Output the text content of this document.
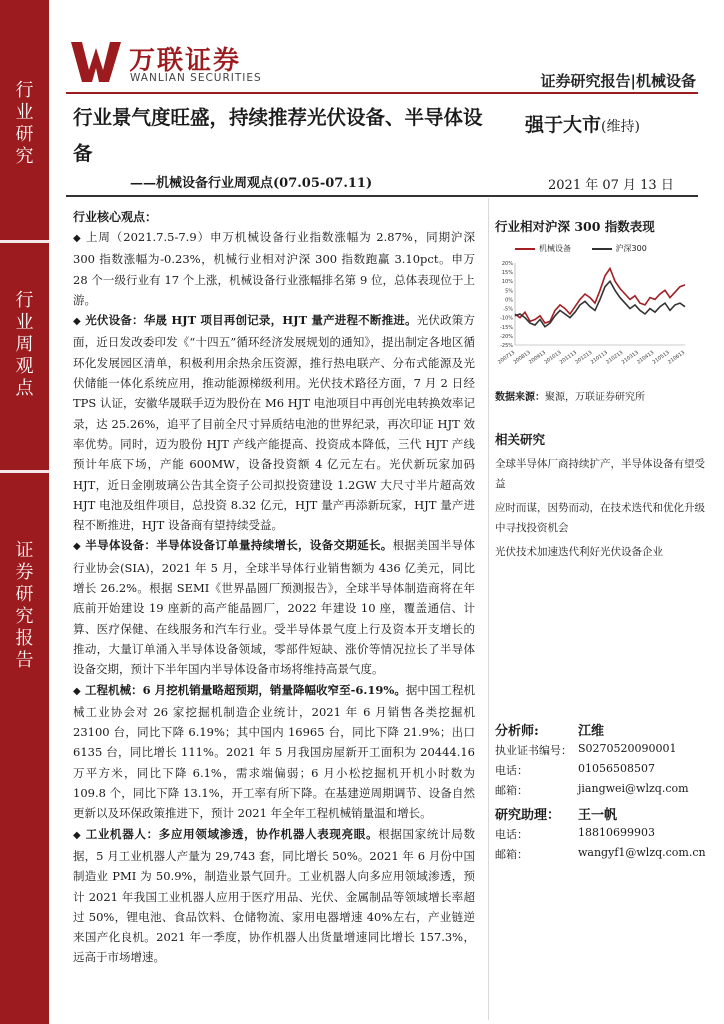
行
业
研
究
行
业
周
观
点
证
券
研
究
报
告
万联证券
WANLIAN SECURITIES	证券研究报告|机械设备
行业景气度旺盛，持续推荐光伏设备、半导体设备
——机械设备行业周观点(07.05-07.11)
强于大市(维持)
2021 年 07 月 13 日
行业核心观点：
◆ 上周（2021.7.5-7.9）申万机械设备行业指数涨幅为 2.87%，同期沪深 300 指数涨幅为-0.23%，机械行业相对沪深 300 指数跑赢 3.10pct。申万 28 个一级行业有 17 个上涨，机械设备行业涨幅排名第 9 位，总体表现位于上游。
◆ 光伏设备：华晟 HJT 项目再创记录，HJT 量产进程不断推进。光伏政策方面，近日发改委印发《“十四五”循环经济发展规划的通知》，提出制定各地区循环化发展园区清单，积极利用余热余压资源，推行热电联产、分布式能源及光伏储能一体化系统应用，推动能源梯级利用。光伏技术路径方面，7 月 2 日经 TPS 认证，安徽华晟联手迈为股份在 M6 HJT 电池项目中再创光电转换效率记录，达 25.26%，追平了目前全尺寸异质结电池的世界纪录，再次印证 HJT 效率优势。同时，迈为股份 HJT 产线产能提高、投资成本降低，三代 HJT 产线预计年底下场，产能 600MW，设备投资额 4 亿元左右。光伏新玩家加码 HJT，近日金刚玻璃公告其全资子公司拟投资建设 1.2GW 大尺寸半片超高效 HJT 电池及组件项目，总投资 8.32 亿元，HJT 量产再添新玩家，HJT 量产进程不断推进，HJT 设备商有望持续受益。
◆ 半导体设备：半导体设备订单量持续增长，设备交期延长。根据美国半导体行业协会(SIA)，2021 年 5 月，全球半导体行业销售额为 436 亿美元，同比增长 26.2%。根据 SEMI《世界晶圆厂预测报告》，全球半导体制造商将在年底前开始建设 19 座新的高产能晶圆厂，2022 年建设 10 座，覆盖通信、计算、医疗保健、在线服务和汽车行业。受半导体景气度上行及资本开支增长的推动，大量订单涌入半导体设备领域，零部件短缺、涨价等情况拉长了半导体设备交期，预计下半年国内半导体设备市场将维持高景气度。
◆ 工程机械：6 月挖机销量略超预期，销量降幅收窄至-6.19%。据中国工程机械工业协会对 26 家挖掘机制造企业统计，2021 年 6 月销售各类挖掘机 23100 台，同比下降 6.19%；其中国内 16965 台，同比下降 21.9%；出口 6135 台，同比增长 111%。2021 年 5 月我国房屋新开工面积为 20444.16 万平方米，同比下降 6.1%，需求端偏弱；6 月小松挖掘机开机小时数为 109.8 个，同比下降 13.1%，开工率有所下降。在基建逆周期调节、设备自然更新以及环保政策推进下，预计 2021 年全年工程机械销量温和增长。
◆ 工业机器人：多应用领域渗透，协作机器人表现亮眼。根据国家统计局数据，5 月工业机器人产量为 29,743 套，同比增长 50%。2021 年 6 月份中国制造业 PMI 为 50.9%，制造业景气回升。工业机器人向多应用领域渗透，预计 2021 年我国工业机器人应用于医疗用品、光伏、金属制品等领域增长率超过 50%，锂电池、食品饮料、仓储物流、家用电器增速 40%左右，产业链逆来国产化良机。2021 年一季度，协作机器人出货量增速同比增长 157.3%，远高于市场增速。
行业相对沪深 300 指数表现
20%
15%
10%
5%
0%
-5%
-10%
-15%
-20%
-25%
200713
200813
200913
201013
201113
201213
210113
210213
210313
210413
210513
210613
机械设备	沪深300
数据来源：聚源，万联证券研究所
相关研究
全球半导体厂商持续扩产，半导体设备有望受益
应时而谋，因势而动，在技术迭代和优化升级中寻找投资机会
光伏技术加速迭代利好光伏设备企业
分析师:	江维
执业证书编号： S0270520090001
电话：	01056508507
邮箱：	jiangwei@wlzq.com
研究助理： 王一帆
电话：	18810699903
邮箱：	wangyf1@wlzq.com.cn
